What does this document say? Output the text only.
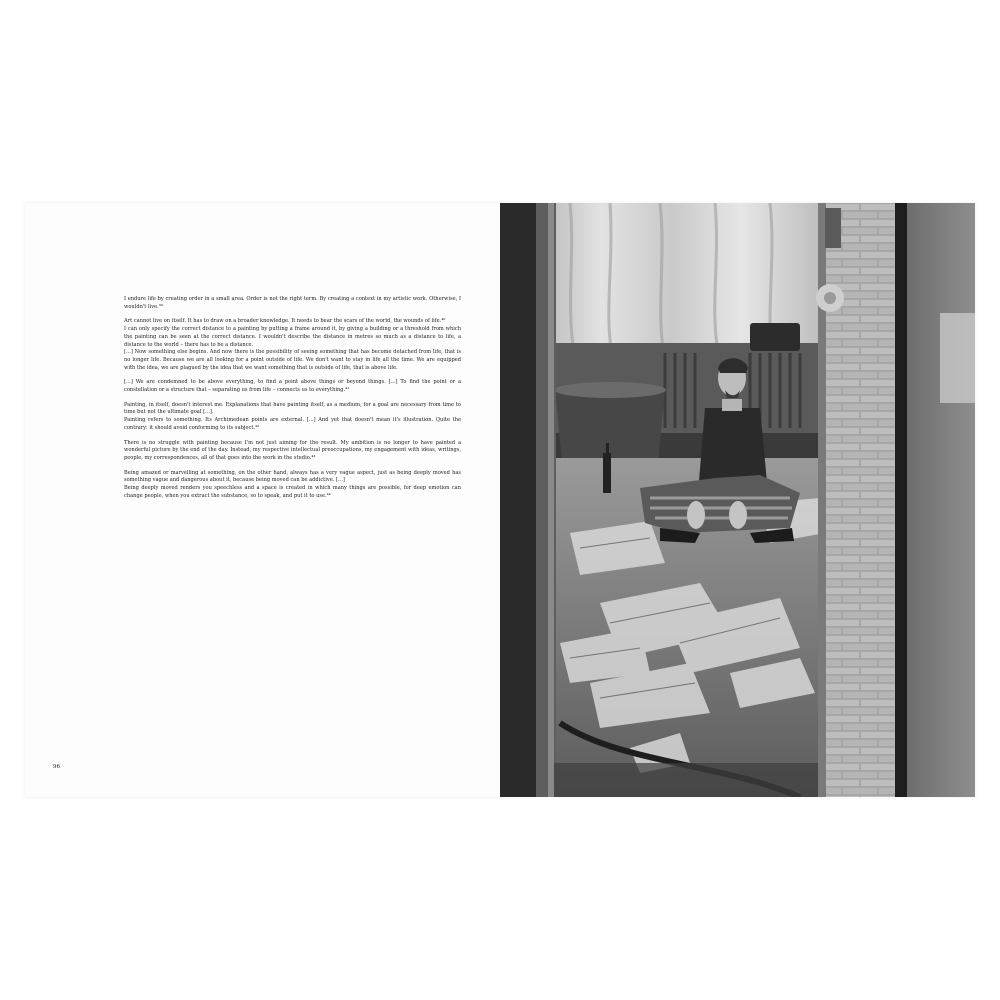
I endure life by creating order in a small area. Order is not the right term. By creating a context in my artistic work. Otherwise, I wouldn't live.³⁹

Art cannot live on itself. It has to draw on a broader knowledge. It needs to bear the scars of the world, the wounds of life.⁴⁰
I can only specify the correct distance to a painting by putting a frame around it, by giving a building or a threshold from which the painting can be seen at the correct distance. I wouldn't describe the distance in metres so much as a distance to life, a distance to the world – there has to be a distance.
[...] Now something else begins. And now there is the possibility of seeing something that has become detached from life, that is no longer life. Because we are all looking for a point outside of life. We don't want to stay in life all the time. We are equipped with the idea, we are plagued by the idea that we want something that is outside of life, that is above life.

[...] We are condemned to be above everything, to find a point above things or beyond things. [...] To find the point or a constellation or a structure that – separating us from life – connects us to everything.⁴¹

Painting, in itself, doesn't interest me. Explanations that have painting itself, as a medium, for a goal are necessary from time to time but not the ultimate goal [...].
Painting refers to something. Its Archimedean points are external. [...] And yet that doesn't mean it's illustration. Quite the contrary: it should avoid conforming to its subject.⁴²

There is no struggle with painting because I'm not just aiming for the result. My ambition is no longer to have painted a wonderful picture by the end of the day. Instead, my respective intellectual preoccupations, my engagement with ideas, writings, people, my correspondences, all of that goes into the work in the studio.⁴³

Being amazed or marvelling at something, on the other hand, always has a very vague aspect, just as being deeply moved has something vague and dangerous about it, because being moved can be addictive. [...]
Being deeply moved renders you speechless and a space is created in which many things are possible, for deep emotion can change people, when you extract the substance, so to speak, and put it to use.⁴⁴

96
